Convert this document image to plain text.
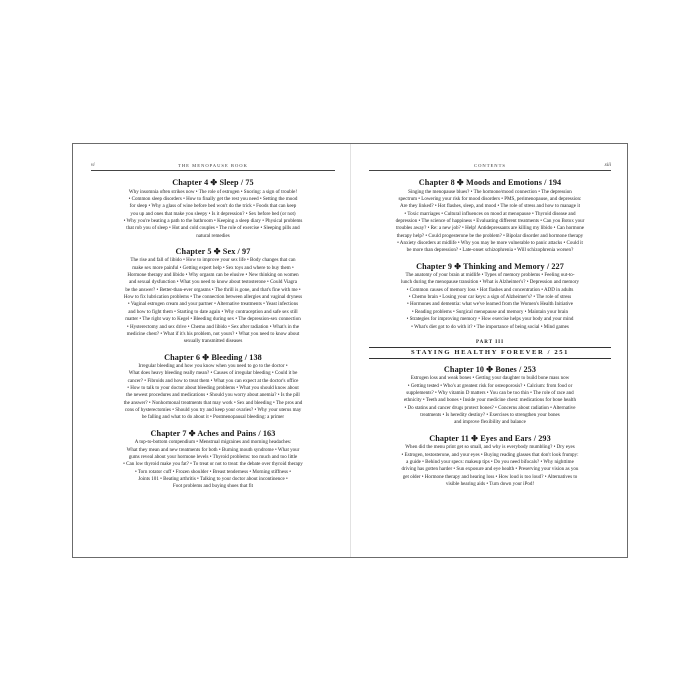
vi	THE MENOPAUSE BOOK
Chapter 4 ✤ Sleep / 75

Why insomnia often strikes now • The role of estrogen • Snoring: a sign of trouble!
• Common sleep disorders • How to finally get the rest you need • Setting the mood
for sleep • Why a glass of wine before bed won't do the trick • Foods that can keep
you up and ones that make you sleepy • Is it depression? • Sex before bed (or not)
• Why you're beating a path to the bathroom • Keeping a sleep diary • Physical problems
that rob you of sleep • Hot and cold couples • The role of exercise • Sleeping pills and
natural remedies

Chapter 5 ✤ Sex / 97

The rise and fall of libido • How to improve your sex life • Body changes that can
make sex more painful • Getting expert help • Sex toys and where to buy them •
Hormone therapy and libido • Why orgasm can be elusive • New thinking on women
and sexual dysfunction • What you need to know about testosterone • Could Viagra
be the answer? • Better-than-ever orgasms • The thrill is gone, and that's fine with me •
How to fix lubrication problems • The connection between allergies and vaginal dryness
• Vaginal estrogen cream and your partner • Alternative treatments • Yeast infections
and how to fight them • Starting to date again • Why contraception and safe sex still
matter • The right way to Kegel • Bleeding during sex • The depression-sex connection
• Hysterectomy and sex drive • Chemo and libido • Sex after radiation • What's in the
medicine chest? • What if it's his problem, not yours? • What you need to know about
sexually transmitted diseases

Chapter 6 ✤ Bleeding / 138

Irregular bleeding and how you know when you need to go to the doctor •
What does heavy bleeding really mean? • Causes of irregular bleeding • Could it be
cancer? • Fibroids and how to treat them • What you can expect at the doctor's office
• How to talk to your doctor about bleeding problems • What you should know about
the newest procedures and medications • Should you worry about anemia? • Is the pill
the answer? • Nonhormonal treatments that may work • Sex and bleeding • The pros and
cons of hysterectomies • Should you try and keep your ovaries? • Why your uterus may
be falling and what to do about it • Postmenopausal bleeding: a primer

Chapter 7 ✤ Aches and Pains / 163

A top-to-bottom compendium • Menstrual migraines and morning headaches:
What they mean and new treatments for both • Burning mouth syndrome • What your
gums reveal about your hormone levels • Thyroid problems: too much and too little
• Can low thyroid make you fat? • To treat or not to treat: the debate over thyroid therapy
• Torn rotator cuff • Frozen shoulder • Breast tenderness • Morning stiffness •
Joints 101 • Beating arthritis • Talking to your doctor about incontinence •
Foot problems and buying shoes that fit

CONTENTS	xiii
Chapter 8 ✤ Moods and Emotions / 194

Singing the menopause blues? • The hormone/mood connection • The depression
spectrum • Lowering your risk for mood disorders • PMS, perimenopause, and depression:
Are they linked? • Hot flashes, sleep, and mood • The role of stress and how to manage it
• Toxic marriages • Cultural influences on mood at menopause • Thyroid disease and
depression • The science of happiness • Evaluating different treatments • Can you Botox your
troubles away? • Re: a new job? • Help! Antidepressants are killing my libido • Can hormone
therapy help? • Could progesterone be the problem? • Bipolar disorder and hormone therapy
• Anxiety disorders at midlife • Why you may be more vulnerable to panic attacks • Could it
be more than depression? • Late-onset schizophrenia • Will schizophrenia worsen?

Chapter 9 ✤ Thinking and Memory / 227

The anatomy of your brain at midlife • Types of memory problems • Feeling out-to-
lunch during the menopause transition • What is Alzheimer's? • Depression and memory
• Common causes of memory loss • Hot flashes and concentration • ADD in adults
• Chemo brain • Losing your car keys: a sign of Alzheimer's? • The role of stress
• Hormones and dementia: what we've learned from the Women's Health Initiative
• Reading problems • Surgical menopause and memory • Maintain your brain
• Strategies for improving memory • How exercise helps your body and your mind
• What's diet got to do with it? • The importance of being social • Mind games

PART III
STAYING HEALTHY FOREVER / 251
Chapter 10 ✤ Bones / 253

Estrogen loss and weak bones • Getting your daughter to build bone mass now
• Getting tested • Who's at greatest risk for osteoporosis? • Calcium: from food or
supplements? • Why vitamin D matters • You can be too thin • The role of race and
ethnicity • Teeth and bones • Inside your medicine chest: medications for bone health
• Do statins and cancer drugs protect bones? • Concerns about radiation • Alternative
treatments • Is heredity destiny? • Exercises to strengthen your bones
and improve flexibility and balance

Chapter 11 ✤ Eyes and Ears / 293

When did the menu print get so small, and why is everybody mumbling? • Dry eyes
• Estrogen, testosterone, and your eyes • Buying reading glasses that don't look frumpy:
a guide • Behind your specs: makeup tips • Do you need bifocals? • Why nighttime
driving has gotten harder • Sun exposure and eye health • Preserving your vision as you
get older • Hormone therapy and hearing loss • How loud is too loud? • Alternatives to
visible hearing aids • Turn down your iPod!
